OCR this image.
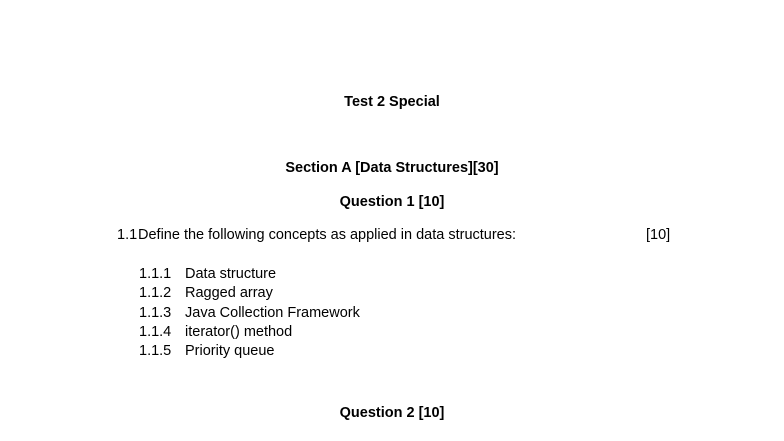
Test 2 Special
Section A [Data Structures][30]
Question 1 [10]
1.1 Define the following concepts as applied in data structures:	[10]
1.1.1 Data structure
1.1.2 Ragged array
1.1.3 Java Collection Framework
1.1.4 iterator() method
1.1.5 Priority queue
Question 2 [10]
